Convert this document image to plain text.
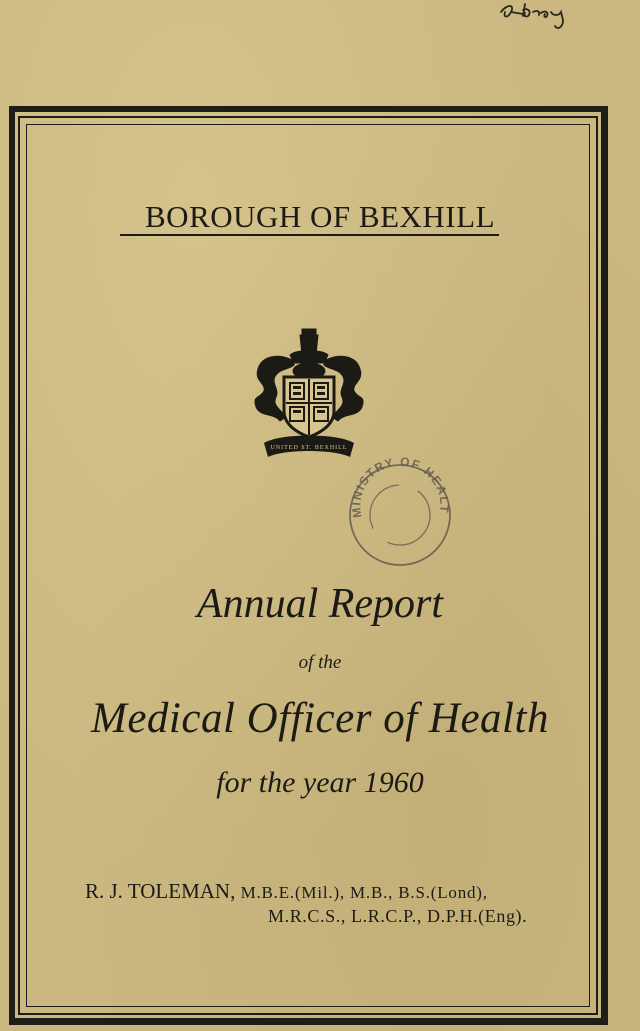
BOROUGH OF BEXHILL
UNITED ST. BEXHILL
MINISTRY OF HEALT
Annual Report
of the
Medical Officer of Health
for the year 1960
R. J. TOLEMAN, M.B.E.(Mil.), M.B., B.S.(Lond),
M.R.C.S., L.R.C.P., D.P.H.(Eng).
